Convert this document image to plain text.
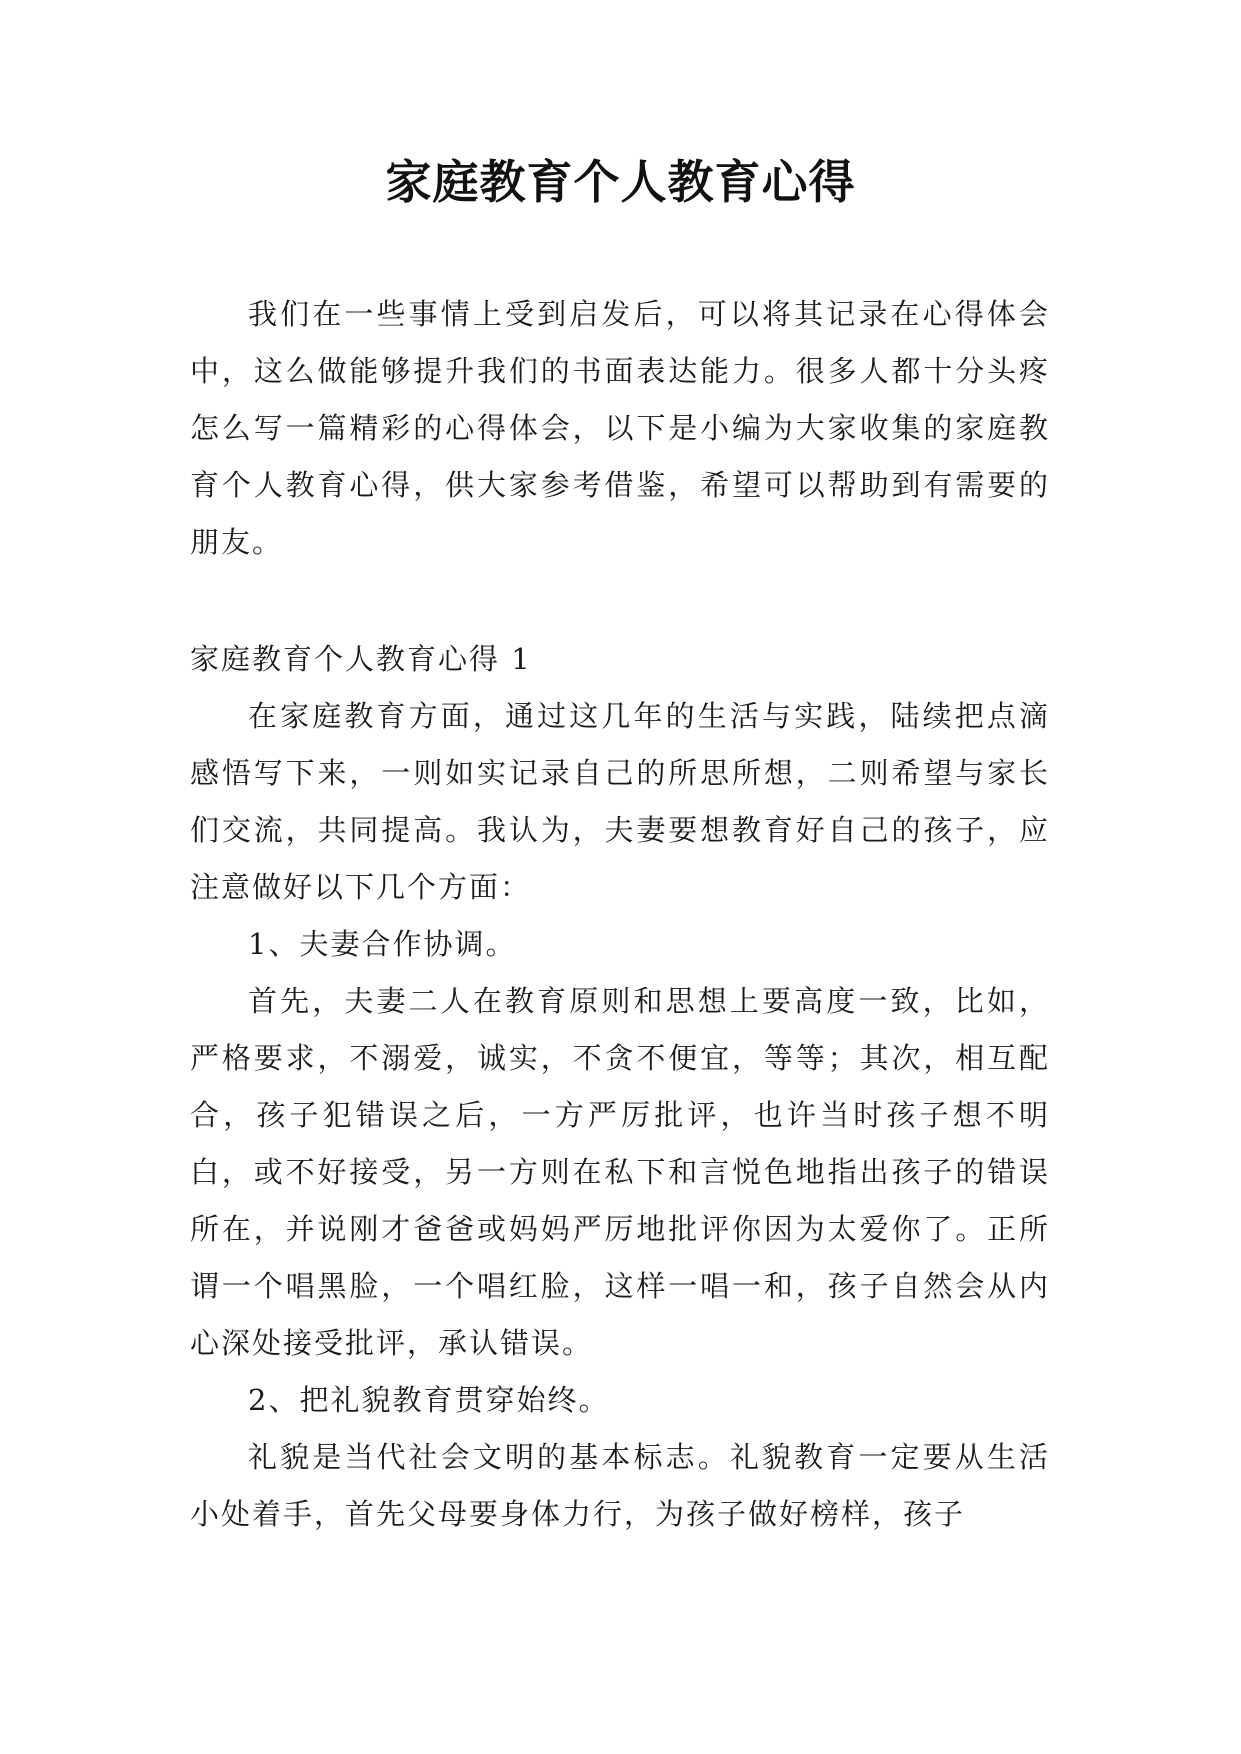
家庭教育个人教育心得

我们在一些事情上受到启发后，可以将其记录在心得体会中，这么做能够提升我们的书面表达能力。很多人都十分头疼怎么写一篇精彩的心得体会，以下是小编为大家收集的家庭教育个人教育心得，供大家参考借鉴，希望可以帮助到有需要的朋友。

家庭教育个人教育心得 1

在家庭教育方面，通过这几年的生活与实践，陆续把点滴感悟写下来，一则如实记录自己的所思所想，二则希望与家长们交流，共同提高。我认为，夫妻要想教育好自己的孩子，应注意做好以下几个方面：

1、夫妻合作协调。

首先，夫妻二人在教育原则和思想上要高度一致，比如，严格要求，不溺爱，诚实，不贪不便宜，等等；其次，相互配合，孩子犯错误之后，一方严厉批评，也许当时孩子想不明白，或不好接受，另一方则在私下和言悦色地指出孩子的错误所在，并说刚才爸爸或妈妈严厉地批评你因为太爱你了。正所谓一个唱黑脸，一个唱红脸，这样一唱一和，孩子自然会从内心深处接受批评，承认错误。

2、把礼貌教育贯穿始终。

礼貌是当代社会文明的基本标志。礼貌教育一定要从生活小处着手，首先父母要身体力行，为孩子做好榜样，孩子
